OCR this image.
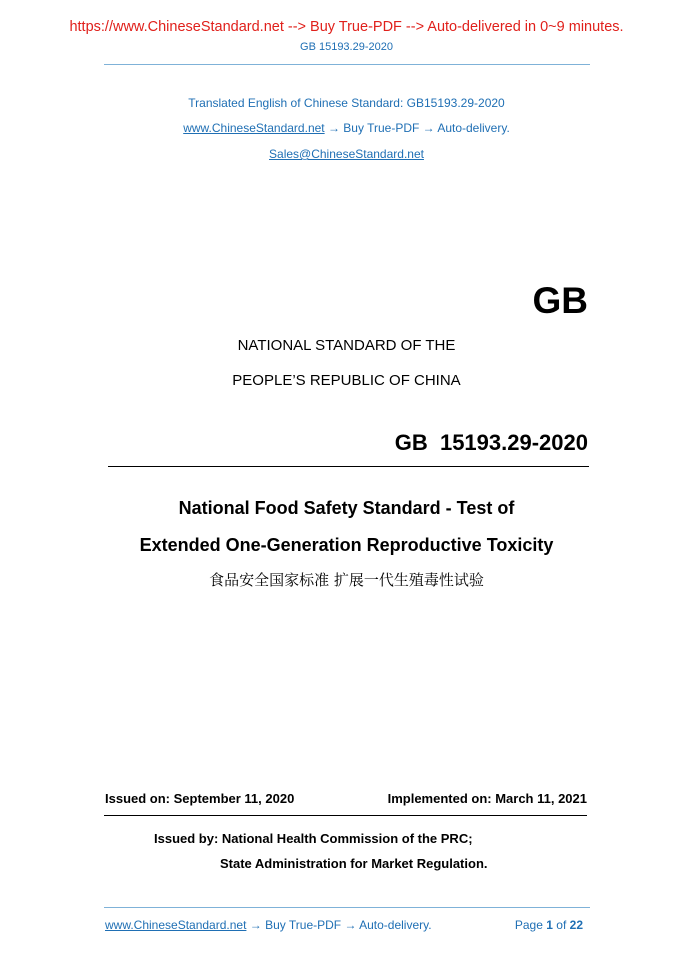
https://www.ChineseStandard.net --> Buy True-PDF --> Auto-delivered in 0~9 minutes.
GB 15193.29-2020
Translated English of Chinese Standard: GB15193.29-2020
www.ChineseStandard.net → Buy True-PDF → Auto-delivery.
Sales@ChineseStandard.net
GB
NATIONAL STANDARD OF THE
PEOPLE’S REPUBLIC OF CHINA
GB  15193.29-2020
National Food Safety Standard - Test of
Extended One-Generation Reproductive Toxicity
食品安全国家标准 扩展一代生殖毒性试验
Issued on: September 11, 2020	Implemented on: March 11, 2021
Issued by: National Health Commission of the PRC;
State Administration for Market Regulation.
www.ChineseStandard.net → Buy True-PDF → Auto-delivery.	Page 1 of 22
